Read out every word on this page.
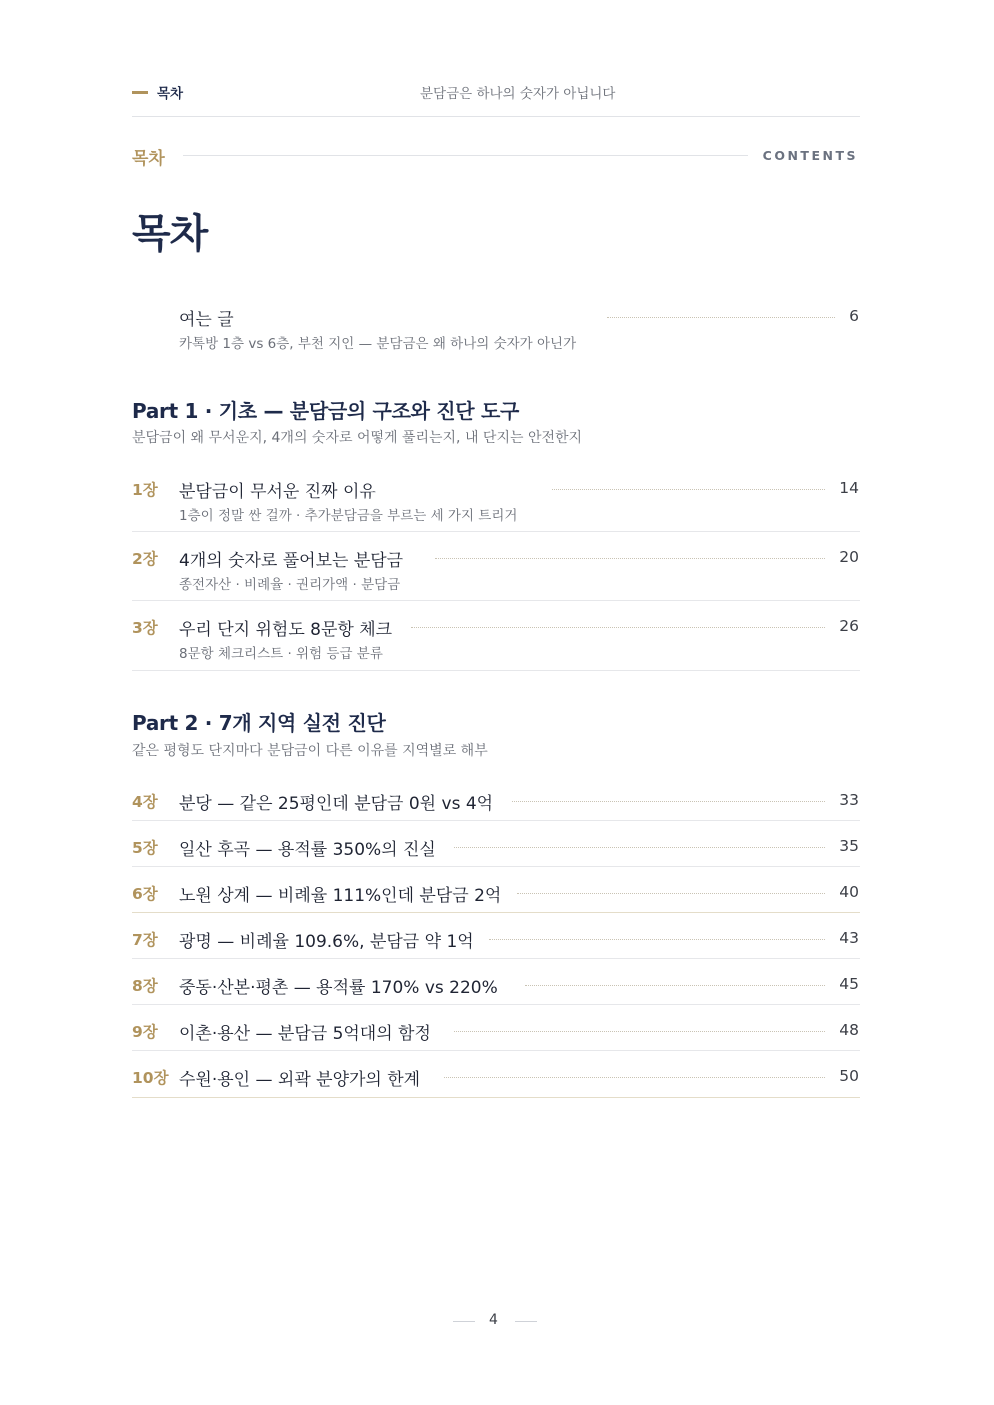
목차	분담금은 하나의 숫자가 아닙니다
목차	CONTENTS
목차
여는 글	6
카톡방 1층 vs 6층, 부천 지인 — 분담금은 왜 하나의 숫자가 아닌가
Part 1 · 기초 — 분담금의 구조와 진단 도구
분담금이 왜 무서운지, 4개의 숫자로 어떻게 풀리는지, 내 단지는 안전한지
1장 분담금이 무서운 진짜 이유	14
1층이 정말 싼 걸까 · 추가분담금을 부르는 세 가지 트리거
2장 4개의 숫자로 풀어보는 분담금	20
종전자산 · 비례율 · 권리가액 · 분담금
3장 우리 단지 위험도 8문항 체크	26
8문항 체크리스트 · 위험 등급 분류
Part 2 · 7개 지역 실전 진단
같은 평형도 단지마다 분담금이 다른 이유를 지역별로 해부
4장 분당 — 같은 25평인데 분담금 0원 vs 4억	33
5장 일산 후곡 — 용적률 350%의 진실	35
6장 노원 상계 — 비례율 111%인데 분담금 2억	40
7장 광명 — 비례율 109.6%, 분담금 약 1억	43
8장 중동·산본·평촌 — 용적률 170% vs 220%	45
9장 이촌·용산 — 분담금 5억대의 함정	48
10장 수원·용인 — 외곽 분양가의 한계	50
4
